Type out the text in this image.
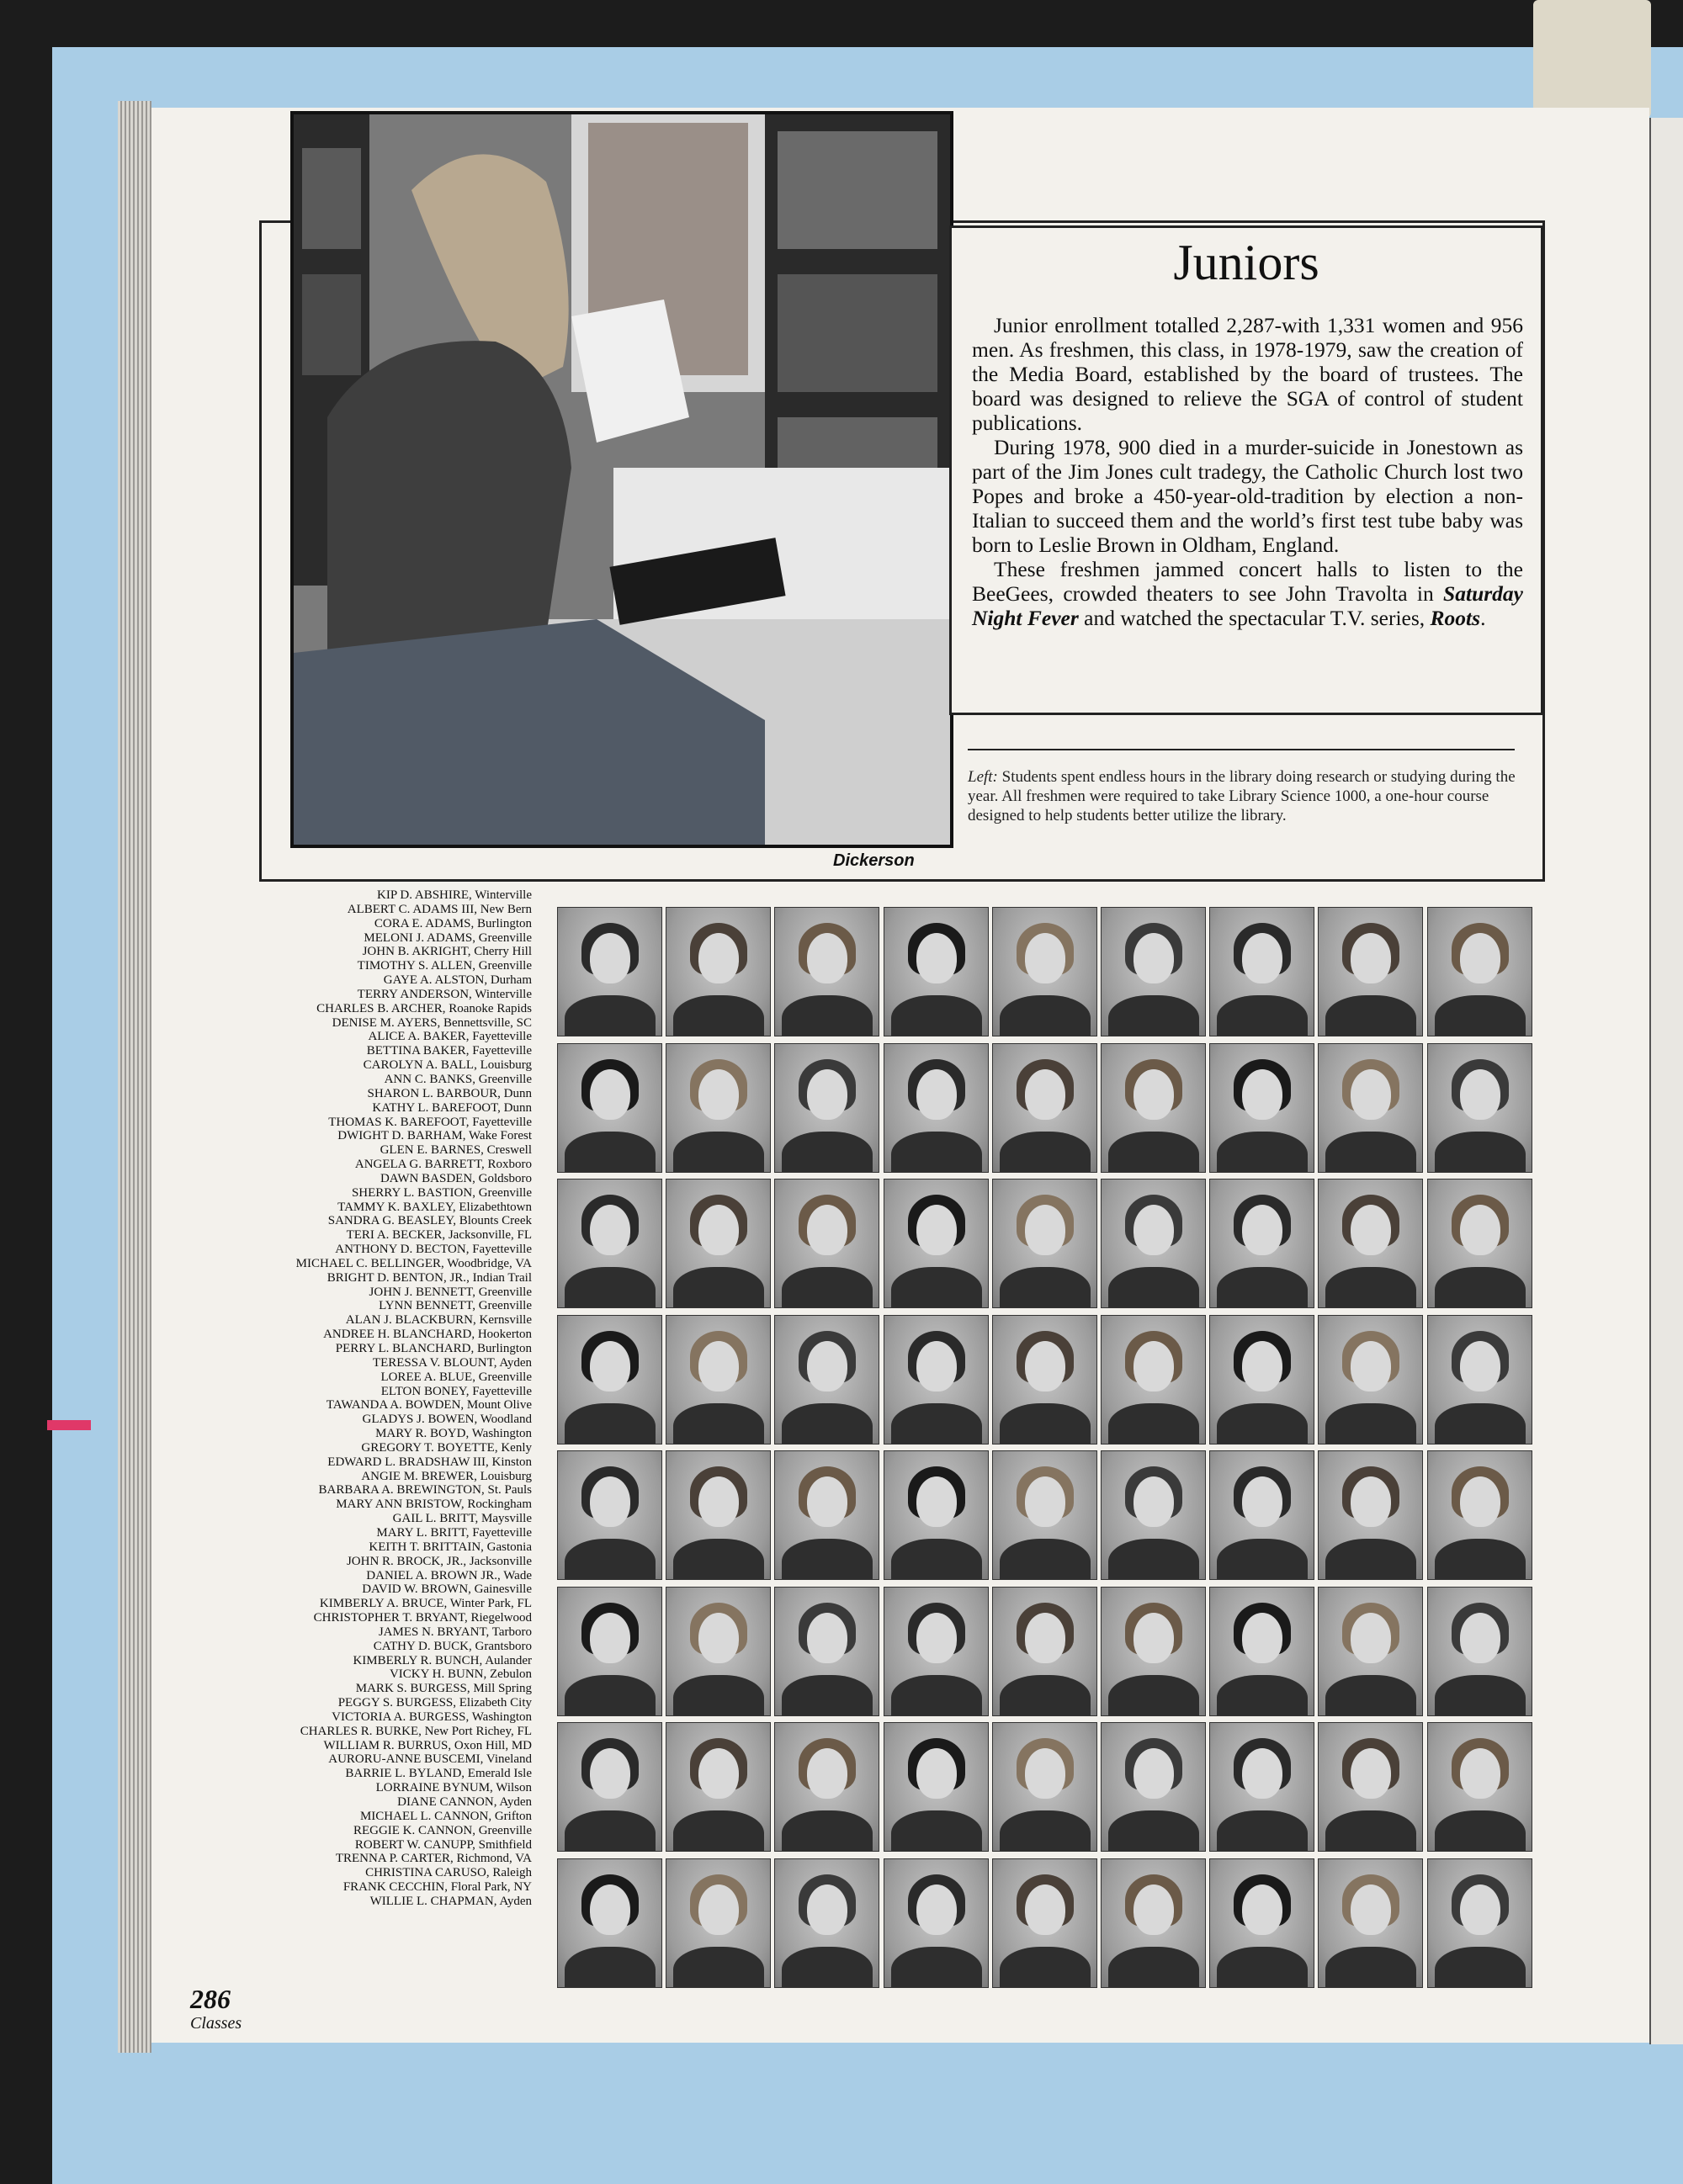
Dickerson
Juniors

Junior enrollment totalled 2,287-with 1,331 women and 956 men. As freshmen, this class, in 1978-1979, saw the creation of the Media Board, established by the board of trustees. The board was designed to relieve the SGA of control of student publications.

During 1978, 900 died in a murder-suicide in Jonestown as part of the Jim Jones cult tradegy, the Catholic Church lost two Popes and broke a 450-year-old-tradition by election a non-Italian to succeed them and the world’s first test tube baby was born to Leslie Brown in Oldham, England.

These freshmen jammed concert halls to listen to the BeeGees, crowded theaters to see John Travolta in Saturday Night Fever and watched the spectacular T.V. series, Roots.

Left: Students spent endless hours in the library doing research or studying during the year. All freshmen were required to take Library Science 1000, a one-hour course designed to help students better utilize the library.
KIP D. ABSHIRE, Winterville
ALBERT C. ADAMS III, New Bern
CORA E. ADAMS, Burlington
MELONI J. ADAMS, Greenville
JOHN B. AKRIGHT, Cherry Hill
TIMOTHY S. ALLEN, Greenville
GAYE A. ALSTON, Durham
TERRY ANDERSON, Winterville
CHARLES B. ARCHER, Roanoke Rapids
DENISE M. AYERS, Bennettsville, SC
ALICE A. BAKER, Fayetteville
BETTINA BAKER, Fayetteville
CAROLYN A. BALL, Louisburg
ANN C. BANKS, Greenville
SHARON L. BARBOUR, Dunn
KATHY L. BAREFOOT, Dunn
THOMAS K. BAREFOOT, Fayetteville
DWIGHT D. BARHAM, Wake Forest
GLEN E. BARNES, Creswell
ANGELA G. BARRETT, Roxboro
DAWN BASDEN, Goldsboro
SHERRY L. BASTION, Greenville
TAMMY K. BAXLEY, Elizabethtown
SANDRA G. BEASLEY, Blounts Creek
TERI A. BECKER, Jacksonville, FL
ANTHONY D. BECTON, Fayetteville
MICHAEL C. BELLINGER, Woodbridge, VA
BRIGHT D. BENTON, JR., Indian Trail
JOHN J. BENNETT, Greenville
LYNN BENNETT, Greenville
ALAN J. BLACKBURN, Kernsville
ANDREE H. BLANCHARD, Hookerton
PERRY L. BLANCHARD, Burlington
TERESSA V. BLOUNT, Ayden
LOREE A. BLUE, Greenville
ELTON BONEY, Fayetteville
TAWANDA A. BOWDEN, Mount Olive
GLADYS J. BOWEN, Woodland
MARY R. BOYD, Washington
GREGORY T. BOYETTE, Kenly
EDWARD L. BRADSHAW III, Kinston
ANGIE M. BREWER, Louisburg
BARBARA A. BREWINGTON, St. Pauls
MARY ANN BRISTOW, Rockingham
GAIL L. BRITT, Maysville
MARY L. BRITT, Fayetteville
KEITH T. BRITTAIN, Gastonia
JOHN R. BROCK, JR., Jacksonville
DANIEL A. BROWN JR., Wade
DAVID W. BROWN, Gainesville
KIMBERLY A. BRUCE, Winter Park, FL
CHRISTOPHER T. BRYANT, Riegelwood
JAMES N. BRYANT, Tarboro
CATHY D. BUCK, Grantsboro
KIMBERLY R. BUNCH, Aulander
VICKY H. BUNN, Zebulon
MARK S. BURGESS, Mill Spring
PEGGY S. BURGESS, Elizabeth City
VICTORIA A. BURGESS, Washington
CHARLES R. BURKE, New Port Richey, FL
WILLIAM R. BURRUS, Oxon Hill, MD
AURORU-ANNE BUSCEMI, Vineland
BARRIE L. BYLAND, Emerald Isle
LORRAINE BYNUM, Wilson
DIANE CANNON, Ayden
MICHAEL L. CANNON, Grifton
REGGIE K. CANNON, Greenville
ROBERT W. CANUPP, Smithfield
TRENNA P. CARTER, Richmond, VA
CHRISTINA CARUSO, Raleigh
FRANK CECCHIN, Floral Park, NY
WILLIE L. CHAPMAN, Ayden
286
Classes
